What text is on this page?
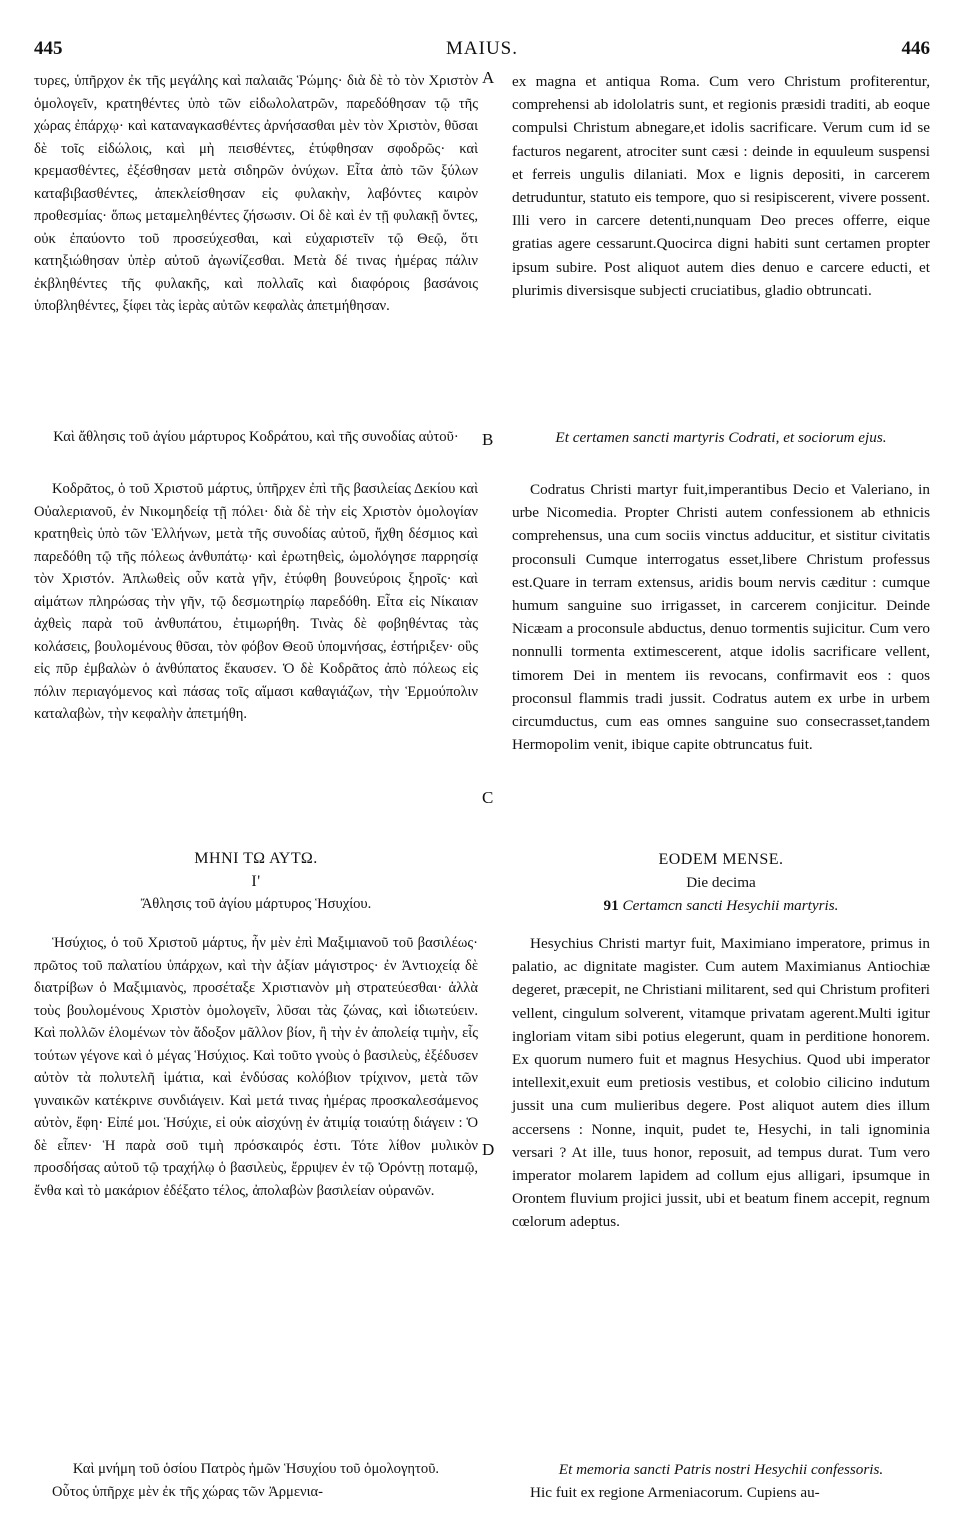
445	MAIUS.	446

τυρες, ὑπῆρχον ἐκ τῆς μεγάλης καὶ παλαιᾶς Ῥώμης· διὰ δὲ τὸ τὸν Χριστὸν ὁμολογεῖν, κρατηθέντες ὑπὸ τῶν εἰδωλολατρῶν, παρεδόθησαν τῷ τῆς χώρας ἐπάρχῳ· καὶ καταναγκασθέντες ἀρνήσασθαι μὲν τὸν Χριστὸν, θῦσαι δὲ τοῖς εἰδώλοις, καὶ μὴ πεισθέντες, ἐτύφθησαν σφοδρῶς· καὶ κρεμασθέντες, ἐξέσθησαν μετὰ σιδηρῶν ὀνύχων. Εἶτα ἀπὸ τῶν ξύλων καταβιβασθέντες, ἀπεκλείσθησαν εἰς φυλακὴν, λαβόντες καιρὸν προθεσμίας· ὅπως μεταμεληθέντες ζήσωσιν. Οἱ δὲ καὶ ἐν τῇ φυλακῇ ὄντες, οὐκ ἐπαύοντο τοῦ προσεύχεσθαι, καὶ εὐχαριστεῖν τῷ Θεῷ, ὅτι κατηξιώθησαν ὑπὲρ αὐτοῦ ἀγωνίζεσθαι. Μετὰ δέ τινας ἡμέρας πάλιν ἐκβληθέντες τῆς φυλακῆς, καὶ πολλαῖς καὶ διαφόροις βασάνοις ὑποβληθέντες, ξίφει τὰς ἱερὰς αὐτῶν κεφαλὰς ἀπετμήθησαν.

Καὶ ἄθλησις τοῦ ἁγίου μάρτυρος Κοδράτου, καὶ τῆς συνοδίας αὐτοῦ·

Κοδρᾶτος, ὁ τοῦ Χριστοῦ μάρτυς, ὑπῆρχεν ἐπὶ τῆς βασιλείας Δεκίου καὶ Οὐαλεριανοῦ, ἐν Νικομηδείᾳ τῇ πόλει· διὰ δὲ τὴν εἰς Χριστὸν ὁμολογίαν κρατηθεὶς ὑπὸ τῶν Ἑλλήνων, μετὰ τῆς συνοδίας αὐτοῦ, ἤχθη δέσμιος καὶ παρεδόθη τῷ τῆς πόλεως ἀνθυπάτῳ· καὶ ἐρωτηθεὶς, ὡμολόγησε παρρησίᾳ τὸν Χριστόν. Ἀπλωθεὶς οὖν κατὰ γῆν, ἐτύφθη βουνεύροις ξηροῖς· καὶ αἱμάτων πληρώσας τὴν γῆν, τῷ δεσμωτηρίῳ παρεδόθη. Εἶτα εἰς Νίκαιαν ἀχθεὶς παρὰ τοῦ ἀνθυπάτου, ἐτιμωρήθη. Τινὰς δὲ φοβηθέντας τὰς κολάσεις, βουλομένους θῦσαι, τὸν φόβον Θεοῦ ὑπομνήσας, ἐστήριξεν· οὓς εἰς πῦρ ἐμβαλὼν ὁ ἀνθύπατος ἔκαυσεν. Ὁ δὲ Κοδρᾶτος ἀπὸ πόλεως εἰς πόλιν περιαγόμενος καὶ πάσας τοῖς αἵμασι καθαγιάζων, τὴν Ἑρμούπολιν καταλαβὼν, τὴν κεφαλὴν ἀπετμήθη.

ΜΗΝΙ ΤΩ ΑΥΤΩ.

Ι'

Ἄθλησις τοῦ ἁγίου μάρτυρος Ἡσυχίου.

Ἡσύχιος, ὁ τοῦ Χριστοῦ μάρτυς, ἦν μὲν ἐπὶ Μαξιμιανοῦ τοῦ βασιλέως· πρῶτος τοῦ παλατίου ὑπάρχων, καὶ τὴν ἀξίαν μάγιστρος· ἐν Ἀντιοχείᾳ δὲ διατρίβων ὁ Μαξιμιανὸς, προσέταξε Χριστιανὸν μὴ στρατεύεσθαι· ἀλλὰ τοὺς βουλομένους Χριστὸν ὁμολογεῖν, λῦσαι τὰς ζώνας, καὶ ἰδιωτεύειν. Καὶ πολλῶν ἑλομένων τὸν ἄδοξον μᾶλλον βίον, ἢ τὴν ἐν ἀπολείᾳ τιμὴν, εἷς τούτων γέγονε καὶ ὁ μέγας Ἡσύχιος. Καὶ τοῦτο γνοὺς ὁ βασιλεὺς, ἐξέδυσεν αὐτὸν τὰ πολυτελῆ ἱμάτια, καὶ ἐνδύσας κολόβιον τρίχινον, μετὰ τῶν γυναικῶν κατέκρινε συνδιάγειν. Καὶ μετά τινας ἡμέρας προσκαλεσάμενος αὐτὸν, ἔφη· Εἰπέ μοι. Ἡσύχιε, εἰ οὐκ αἰσχύνῃ ἐν ἀτιμίᾳ τοιαύτῃ διάγειν : Ὁ δὲ εἶπεν· Ἡ παρὰ σοῦ τιμὴ πρόσκαιρός ἐστι. Τότε λίθον μυλικὸν προσδήσας αὐτοῦ τῷ τραχήλῳ ὁ βασιλεὺς, ἔρριψεν ἐν τῷ Ὀρόντῃ ποταμῷ, ἔνθα καὶ τὸ μακάριον ἐδέξατο τέλος, ἀπολαβὼν βασιλείαν οὐρανῶν.

Καὶ μνήμη τοῦ ὁσίου Πατρὸς ἡμῶν Ἡσυχίου τοῦ ὁμολογητοῦ.

Οὗτος ὑπῆρχε μὲν ἐκ τῆς χώρας τῶν Ἀρμενια-

A
B
C
D

ex magna et antiqua Roma. Cum vero Christum profiterentur, comprehensi ab idololatris sunt, et regionis præsidi traditi, ab eoque compulsi Christum abnegare,et idolis sacrificare. Verum cum id se facturos negarent, atrociter sunt cæsi : deinde in equuleum suspensi et ferreis ungulis dilaniati. Mox e lignis depositi, in carcerem detruduntur, statuto eis tempore, quo si resipiscerent, vivere possent. Illi vero in carcere detenti,nunquam Deo preces offerre, eique gratias agere cessarunt.Quocirca digni habiti sunt certamen propter ipsum subire. Post aliquot autem dies denuo e carcere educti, et plurimis diversisque subjecti cruciatibus, gladio obtruncati.

Et certamen sancti martyris Codrati, et sociorum ejus.

Codratus Christi martyr fuit,imperantibus Decio et Valeriano, in urbe Nicomedia. Propter Christi autem confessionem ab ethnicis comprehensus, una cum sociis vinctus adducitur, et sistitur civitatis proconsuli Cumque interrogatus esset,libere Christum professus est.Quare in terram extensus, aridis boum nervis cæditur : cumque humum sanguine suo irrigasset, in carcerem conjicitur. Deinde Nicæam a proconsule abductus, denuo tormentis sujicitur. Cum vero nonnulli tormenta extimescerent, atque idolis sacrificare vellent, timorem Dei in mentem iis revocans, confirmavit eos : quos proconsul flammis tradi jussit. Codratus autem ex urbe in urbem circumductus, cum eas omnes sanguine suo consecrasset,tandem Hermopolim venit, ibique capite obtruncatus fuit.

EODEM MENSE.

Die decima

91 Certamcn sancti Hesychii martyris.

Hesychius Christi martyr fuit, Maximiano imperatore, primus in palatio, ac dignitate magister. Cum autem Maximianus Antiochiæ degeret, præcepit, ne Christiani militarent, sed qui Christum profiteri vellent, cingulum solverent, vitamque privatam agerent.Multi igitur ingloriam vitam sibi potius elegerunt, quam in perditione honorem. Ex quorum numero fuit et magnus Hesychius. Quod ubi imperator intellexit,exuit eum pretiosis vestibus, et colobio cilicino indutum jussit una cum mulieribus degere. Post aliquot autem dies illum accersens : Nonne, inquit, pudet te, Hesychi, in tali ignominia versari ? At ille, tuus honor, reposuit, ad tempus durat. Tum vero imperator molarem lapidem ad collum ejus alligari, ipsumque in Orontem fluvium projici jussit, ubi et beatum finem accepit, regnum cœlorum adeptus.

Et memoria sancti Patris nostri Hesychii confessoris.

Hic fuit ex regione Armeniacorum. Cupiens au-
